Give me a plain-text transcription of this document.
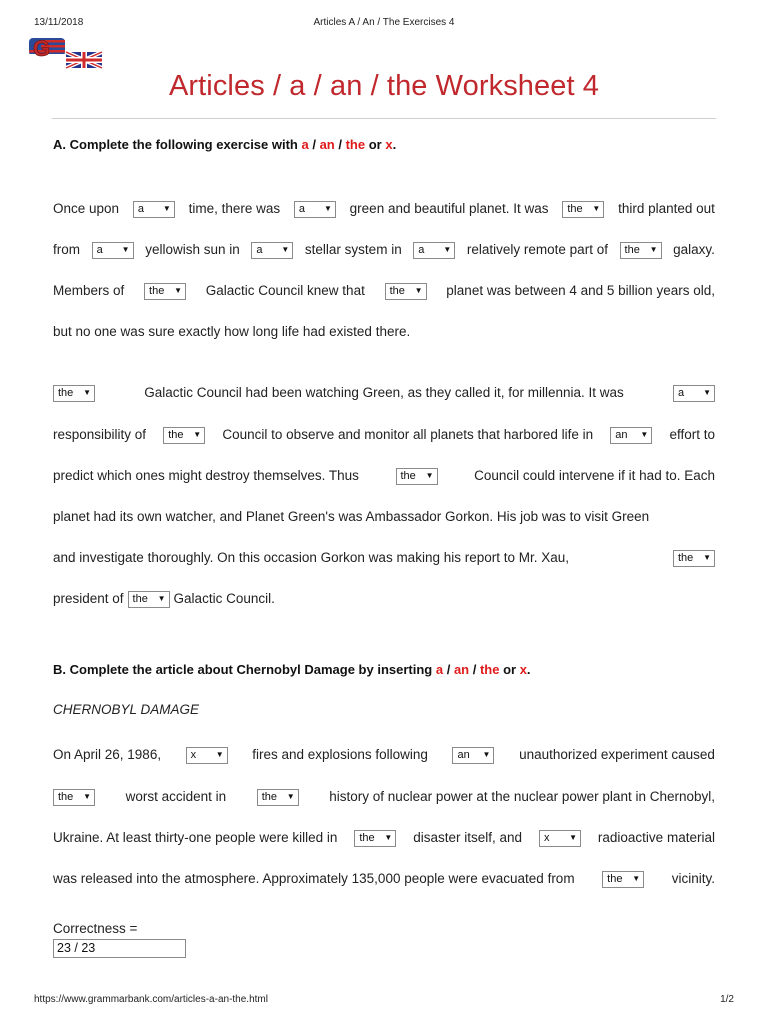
13/11/2018	Articles A / An / The Exercises 4
G
Articles / a / an / the Worksheet 4
A. Complete the following exercise with a / an / the or x.
Once upon a ▼ time, there was a ▼ green and beautiful planet. It was the ▼ third planted out
from a ▼ yellowish sun in a ▼ stellar system in a ▼ relatively remote part of the ▼ galaxy.
Members of the ▼ Galactic Council knew that the ▼ planet was between 4 and 5 billion years old,
but no one was sure exactly how long life had existed there.
the ▼	Galactic Council had been watching Green, as they called it, for millennia. It was	a ▼
responsibility of the ▼ Council to observe and monitor all planets that harbored life in an ▼ effort to
predict which ones might destroy themselves. Thus	the ▼	Council could intervene if it had to. Each
planet had its own watcher, and Planet Green's was Ambassador Gorkon. His job was to visit Green
and investigate thoroughly. On this occasion Gorkon was making his report to Mr. Xau,	the ▼
president of the ▼ Galactic Council.
B. Complete the article about Chernobyl Damage by inserting a / an / the or x.
CHERNOBYL DAMAGE
On April 26, 1986,	x ▼ fires and explosions following	an ▼ unauthorized experiment caused
the ▼	worst accident in	the ▼	history of nuclear power at the nuclear power plant in Chernobyl,
Ukraine. At least thirty-one people were killed in the ▼ disaster itself, and x ▼ radioactive material
was released into the atmosphere. Approximately 135,000 people were evacuated from	the ▼ vicinity.
Correctness =
23 / 23
https://www.grammarbank.com/articles-a-an-the.html	1/2
